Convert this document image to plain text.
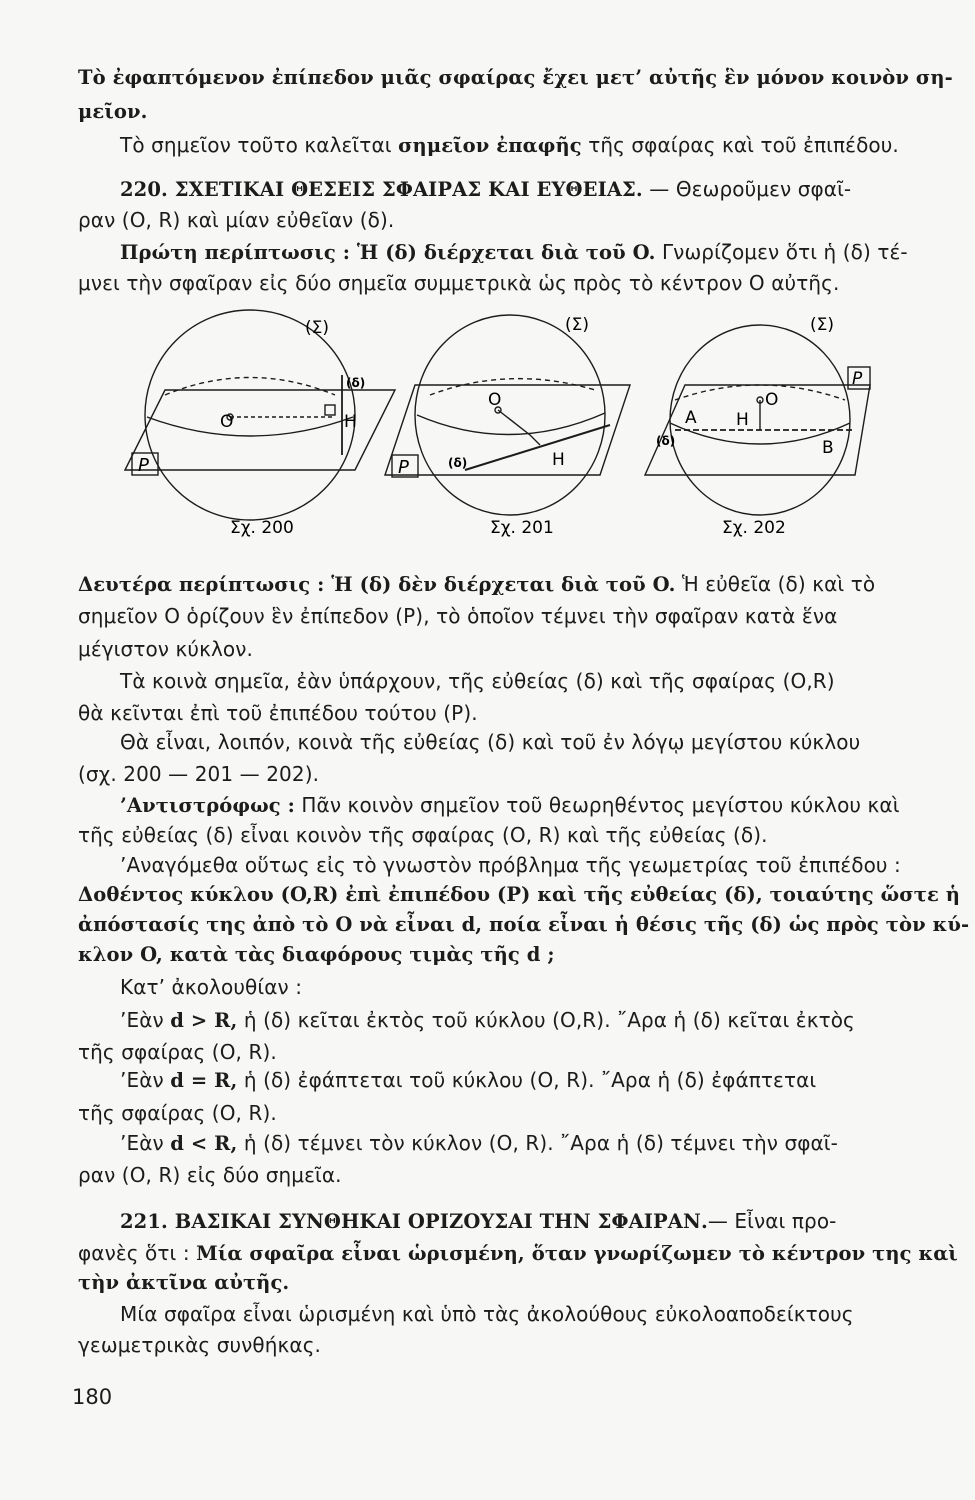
Τὸ ἐφαπτόμενον ἐπίπεδον μιᾶς σφαίρας ἔχει μετ’ αὐτῆς ἓν μόνον κοινὸν ση-
μεῖον.
Τὸ σημεῖον τοῦτο καλεῖται σημεῖον ἐπαφῆς τῆς σφαίρας καὶ τοῦ ἐπιπέδου.
220. ΣΧΕΤΙΚΑΙ ΘΕΣΕΙΣ ΣΦΑΙΡΑΣ ΚΑΙ ΕΥΘΕΙΑΣ. — Θεωροῦμεν σφαῖ-
ραν (O, R) καὶ μίαν εὐθεῖαν (δ).
Πρώτη περίπτωσις : Ἡ (δ) διέρχεται διὰ τοῦ O. Γνωρίζομεν ὅτι ἡ (δ) τέ-
μνει τὴν σφαῖραν εἰς δύο σημεῖα συμμετρικὰ ὡς πρὸς τὸ κέντρον O αὐτῆς.
(Σ)
(δ)
O	H
P
Σχ. 200
(Σ)
O
H
(δ)
P
Σχ. 201
(Σ)
O
H
A
B
(δ)
P
Σχ. 202
Δευτέρα περίπτωσις : Ἡ (δ) δὲν διέρχεται διὰ τοῦ O. Ἡ εὐθεῖα (δ) καὶ τὸ
σημεῖον O ὁρίζουν ἓν ἐπίπεδον (P), τὸ ὁποῖον τέμνει τὴν σφαῖραν κατὰ ἕνα
μέγιστον κύκλον.
Τὰ κοινὰ σημεῖα, ἐὰν ὑπάρχουν, τῆς εὐθείας (δ) καὶ τῆς σφαίρας (O,R)
θὰ κεῖνται ἐπὶ τοῦ ἐπιπέδου τούτου (P).
Θὰ εἶναι, λοιπόν, κοινὰ τῆς εὐθείας (δ) καὶ τοῦ ἐν λόγῳ μεγίστου κύκλου
(σχ. 200 — 201 — 202).
’Αντιστρόφως : Πᾶν κοινὸν σημεῖον τοῦ θεωρηθέντος μεγίστου κύκλου καὶ
τῆς εὐθείας (δ) εἶναι κοινὸν τῆς σφαίρας (O, R) καὶ τῆς εὐθείας (δ).
’Αναγόμεθα οὕτως εἰς τὸ γνωστὸν πρόβλημα τῆς γεωμετρίας τοῦ ἐπιπέδου :
Δοθέντος κύκλου (O,R) ἐπὶ ἐπιπέδου (P) καὶ τῆς εὐθείας (δ), τοιαύτης ὥστε ἡ
ἀπόστασίς της ἀπὸ τὸ O νὰ εἶναι d, ποία εἶναι ἡ θέσις τῆς (δ) ὡς πρὸς τὸν κύ-
κλον O, κατὰ τὰς διαφόρους τιμὰς τῆς d ;
Κατ’ ἀκολουθίαν :
’Εὰν d > R, ἡ (δ) κεῖται ἐκτὸς τοῦ κύκλου (O,R). ῎Αρα ἡ (δ) κεῖται ἐκτὸς
τῆς σφαίρας (O, R).
’Εὰν d = R, ἡ (δ) ἐφάπτεται τοῦ κύκλου (O, R). ῎Αρα ἡ (δ) ἐφάπτεται
τῆς σφαίρας (O, R).
’Εὰν d < R, ἡ (δ) τέμνει τὸν κύκλον (O, R). ῎Αρα ἡ (δ) τέμνει τὴν σφαῖ-
ραν (O, R) εἰς δύο σημεῖα.
221. ΒΑΣΙΚΑΙ ΣΥΝΘΗΚΑΙ ΟΡΙΖΟΥΣΑΙ ΤΗΝ ΣΦΑΙΡΑΝ.— Εἶναι προ-
φανὲς ὅτι : Μία σφαῖρα εἶναι ὡρισμένη, ὅταν γνωρίζωμεν τὸ κέντρον της καὶ
τὴν ἀκτῖνα αὐτῆς.
Μία σφαῖρα εἶναι ὡρισμένη καὶ ὑπὸ τὰς ἀκολούθους εὐκολοαποδείκτους
γεωμετρικὰς συνθήκας.
180
